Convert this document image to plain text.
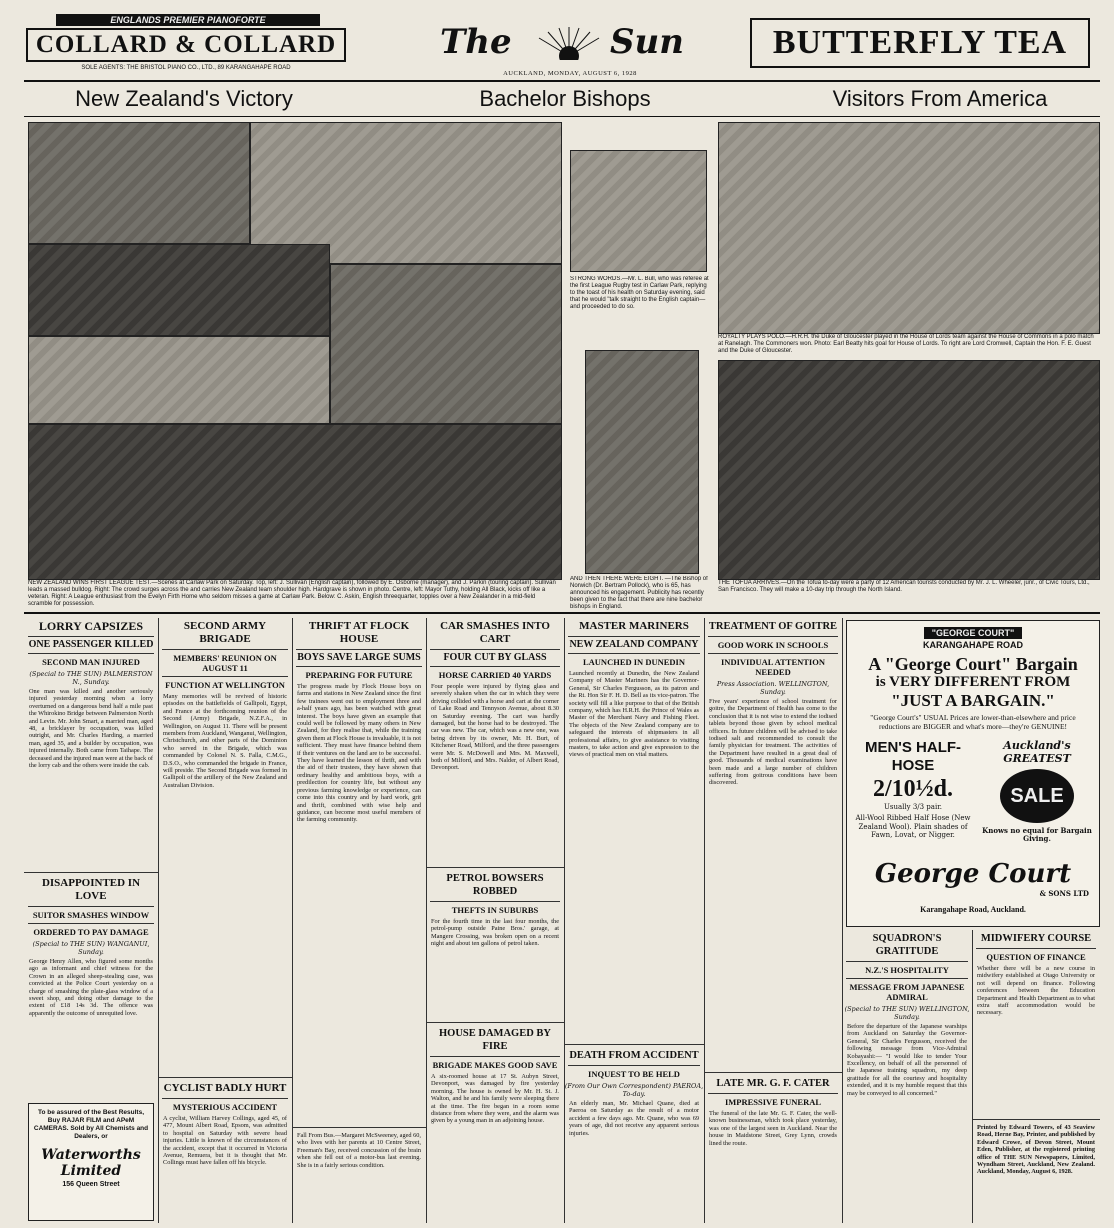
ENGLANDS PREMIER PIANOFORTE
COLLARD & COLLARD
SOLE AGENTS: THE BRISTOL PIANO CO., LTD., 89 KARANGAHAPE ROAD
The	Sun
AUCKLAND, MONDAY, AUGUST 6, 1928
BUTTERFLY TEA
New Zealand's Victory	Bachelor Bishops	Visitors From America
NEW ZEALAND WINS FIRST LEAGUE TEST.—Scenes at Carlaw Park on Saturday. Top, left: J. Sullivan (English captain), followed by E. Osborne (manager), and J. Parkin (touring captain). Sullivan leads a massed bulldog. Right: The crowd surges across the and carries New Zealand team shoulder high. Hardgrave is shown in photo. Centre, left: Mayor Tuthy, holding All Black, kicks off like a veteran. Right: A League enthusiast from the Evelyn Firth Home who seldom misses a game at Carlaw Park. Below: C. Askin, English threequarter, topples over a New Zealander in a mid-field scramble for possession.
STRONG WORDS.—Mr. L. Bull, who was referee at the first League Rugby test in Carlaw Park, replying to the toast of his health on Saturday evening, said that he would "talk straight to the English captain—and proceeded to do so.
AND THEN THERE WERE EIGHT. —The Bishop of Norwich (Dr. Bertram Pollock), who is 65, has announced his engagement. Publicity has recently been given to the fact that there are nine bachelor bishops in England.
ROYALTY PLAYS POLO.—H.R.H. the Duke of Gloucester played in the House of Lords team against the House of Commons in a polo match at Ranelagh. The Commoners won. Photo: Earl Beatty hits goal for House of Lords. To right are Lord Cromwell, Captain the Hon. F. E. Guest and the Duke of Gloucester.
THE TOFUA ARRIVES.—On the Tofua to-day were a party of 12 American tourists conducted by Mr. J. L. Wheeler, junr., of Civic Tours, Ltd., San Francisco. They will make a 10-day trip through the North Island.
LORRY CAPSIZES
ONE PASSENGER KILLED
SECOND MAN INJURED
(Special to THE SUN) PALMERSTON N., Sunday.
One man was killed and another seriously injured yesterday morning when a lorry overturned on a dangerous bend half a mile past the Whirokino Bridge between Palmerston North and Levin. Mr. John Smart, a married man, aged 48, a bricklayer by occupation, was killed outright, and Mr. Charles Harding, a married man, aged 35, and a builder by occupation, was injured internally. Both came from Taihape. The deceased and the injured man were at the back of the lorry cab and the others were inside the cab.
DISAPPOINTED IN LOVE
SUITOR SMASHES WINDOW
ORDERED TO PAY DAMAGE
(Special to THE SUN) WANGANUI, Sunday.
George Henry Allen, who figured some months ago as informant and chief witness for the Crown in an alleged sheep-stealing case, was convicted at the Police Court yesterday on a charge of smashing the plate-glass window of a sweet shop, and doing other damage to the extent of £18 14s 3d. The offence was apparently the outcome of unrequited love.
To be assured of the Best Results, Buy RAJAR FILM and APeM CAMERAS. Sold by All Chemists and Dealers, or
Waterworths Limited
156 Queen Street
SECOND ARMY BRIGADE
MEMBERS' REUNION ON AUGUST 11
FUNCTION AT WELLINGTON
Many memories will be revived of historic episodes on the battlefields of Gallipoli, Egypt, and France at the forthcoming reunion of the Second (Army) Brigade, N.Z.F.A., in Wellington, on August 11. There will be present members from Auckland, Wanganui, Wellington, Christchurch, and other parts of the Dominion who served in the Brigade, which was commanded by Colonel N. S. Falla, C.M.G., D.S.O., who commanded the brigade in France, will preside. The Second Brigade was formed in Gallipoli of the artillery of the New Zealand and Australian Division.
CYCLIST BADLY HURT
MYSTERIOUS ACCIDENT
A cyclist, William Harvey Collings, aged 45, of 477, Mount Albert Road, Epsom, was admitted to hospital on Saturday with severe head injuries. Little is known of the circumstances of the accident, except that it occurred in Victoria Avenue, Remuera, but it is thought that Mr. Collings must have fallen off his bicycle.
THRIFT AT FLOCK HOUSE
BOYS SAVE LARGE SUMS
PREPARING FOR FUTURE
The progress made by Flock House boys on farms and stations in New Zealand since the first few trainees went out to employment three and a-half years ago, has been watched with great interest. The boys have given an example that could well be followed by many others in New Zealand, for they realise that, while the training given them at Flock House is invaluable, it is not sufficient. They must have finance behind them if their ventures on the land are to be successful. They have learned the lesson of thrift, and with the aid of their trustees, they have shown that ordinary healthy and ambitious boys, with a predilection for country life, but without any previous farming knowledge or experience, can come into this country and by hard work, grit and thrift, combined with wise help and guidance, can become most useful members of the farming community.
Fall From Bus.—Margaret McSweeney, aged 60, who lives with her parents at 10 Centre Street, Freeman's Bay, received concussion of the brain when she fell out of a motor-bus last evening. She is in a fairly serious condition.
CAR SMASHES INTO CART
FOUR CUT BY GLASS
HORSE CARRIED 40 YARDS
Four people were injured by flying glass and severely shaken when the car in which they were driving collided with a horse and cart at the corner of Lake Road and Tennyson Avenue, about 8.30 on Saturday evening. The cart was hardly damaged, but the horse had to be destroyed. The car was new. The car, which was a new one, was being driven by its owner, Mr. H. Burt, of Kitchener Road, Milford, and the three passengers were Mr. S. McDowell and Mrs. M. Maxwell, both of Milford, and Mrs. Nalder, of Albert Road, Devonport.
PETROL BOWSERS ROBBED
THEFTS IN SUBURBS
For the fourth time in the last four months, the petrol-pump outside Paine Bros.' garage, at Mangere Crossing, was broken open on a recent night and about ten gallons of petrol taken.
HOUSE DAMAGED BY FIRE
BRIGADE MAKES GOOD SAVE
A six-roomed house at 17 St. Aubyn Street, Devonport, was damaged by fire yesterday morning. The house is owned by Mr. H. St. J. Walton, and he and his family were sleeping there at the time. The fire began in a room some distance from where they were, and the alarm was given by a young man in an adjoining house.
MASTER MARINERS
NEW ZEALAND COMPANY
LAUNCHED IN DUNEDIN
Launched recently at Dunedin, the New Zealand Company of Master Mariners has the Governor-General, Sir Charles Fergusson, as its patron and the Rt. Hon Sir F. H. D. Bell as its vice-patron. The society will fill a like purpose to that of the British company, which has H.R.H. the Prince of Wales as Master of the Merchant Navy and Fishing Fleet. The objects of the New Zealand company are to safeguard the interests of shipmasters in all professional affairs, to give assistance to visiting masters, to take action and give expression to the views of practical men on vital matters.
DEATH FROM ACCIDENT
INQUEST TO BE HELD
(From Our Own Correspondent) PAEROA, To-day.
An elderly man, Mr. Michael Quane, died at Paeroa on Saturday as the result of a motor accident a few days ago. Mr. Quane, who was 69 years of age, did not receive any apparent serious injuries.
TREATMENT OF GOITRE
GOOD WORK IN SCHOOLS
INDIVIDUAL ATTENTION NEEDED
Press Association. WELLINGTON, Sunday.
Five years' experience of school treatment for goitre, the Department of Health has come to the conclusion that it is not wise to extend the iodised tablets beyond those given by school medical officers. In future children will be advised to take iodised salt and recommended to consult the family physician for treatment. The activities of the Department have resulted in a great deal of good. Thousands of medical examinations have been made and a large number of children suffering from goitrous conditions have been discovered.
LATE MR. G. F. CATER
IMPRESSIVE FUNERAL
The funeral of the late Mr. G. F. Cater, the well-known businessman, which took place yesterday, was one of the largest seen in Auckland. Near the house in Maidstone Street, Grey Lynn, crowds lined the route.
"GEORGE COURT"
KARANGAHAPE ROAD
A "George Court" Bargain
is VERY DIFFERENT FROM
"JUST A BARGAIN."
"George Court's" USUAL Prices are lower-than-elsewhere and price reductions are BIGGER and what's more—they're GENUINE!
MEN'S HALF-HOSE
2/10½d.
Usually 3/3 pair.
All-Wool Ribbed Half Hose (New Zealand Wool). Plain shades of Fawn, Lovat, or Nigger.
Auckland's GREATEST
SALE
Knows no equal for Bargain Giving.
George Court
& SONS LTD
Karangahape Road, Auckland.
SQUADRON'S GRATITUDE
N.Z.'S HOSPITALITY
MESSAGE FROM JAPANESE ADMIRAL
(Special to THE SUN) WELLINGTON, Sunday.
Before the departure of the Japanese warships from Auckland on Saturday the Governor-General, Sir Charles Fergusson, received the following message from Vice-Admiral Kobayashi:— "I would like to tender Your Excellency, on behalf of all the personnel of the Japanese training squadron, my deep gratitude for all the courtesy and hospitality extended, and it is my humble request that this may be conveyed to all concerned."
MIDWIFERY COURSE
QUESTION OF FINANCE
Whether there will be a new course in midwifery established at Otago University or not will depend on finance. Following conferences between the Education Department and Health Department as to what extra staff accommodation would be necessary.
Printed by Edward Towers, of 43 Seaview Road, Herne Bay, Printer, and published by Edward Crowe, of Devon Street, Mount Eden, Publisher, at the registered printing office of THE SUN Newspapers, Limited, Wyndham Street, Auckland, New Zealand. Auckland, Monday, August 6, 1928.
